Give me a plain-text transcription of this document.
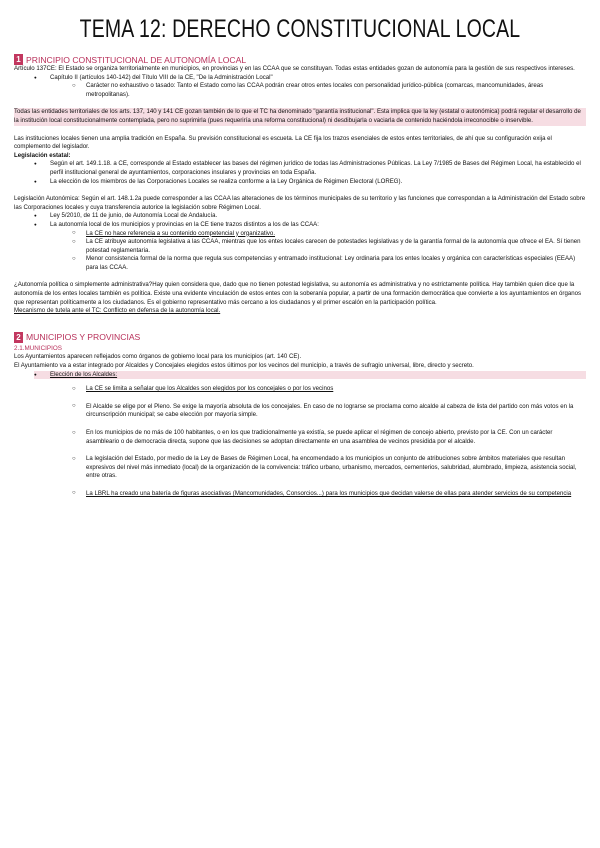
TEMA 12: DERECHO CONSTITUCIONAL LOCAL
1 PRINCIPIO CONSTITUCIONAL DE AUTONOMÍA LOCAL

Artículo 137CE: El Estado se organiza territorialmente en municipios, en provincias y en las CCAA que se constituyan. Todas estas entidades gozan de autonomía para la gestión de sus respectivos intereses.

● Capítulo II (artículos 140-142) del Título VIII de la CE, "De la Administración Local"

○ Carácter no exhaustivo o tasado: Tanto el Estado como las CCAA podrán crear otros entes locales con personalidad jurídico-pública (comarcas, mancomunidades, áreas metropolitanas).

Todas las entidades territoriales de los arts. 137, 140 y 141 CE gozan también de lo que el TC ha denominado "garantía institucional". Esta implica que la ley (estatal o autonómica) podrá regular el desarrollo de la institución local constitucionalmente contemplada, pero no suprimirla (pues requeriría una reforma constitucional) ni desdibujarla o vaciarla de contenido haciéndola irreconocible o inservible.

Las instituciones locales tienen una amplia tradición en España. Su previsión constitucional es escueta. La CE fija los trazos esenciales de estos entes territoriales, de ahí que su configuración exija el complemento del legislador.

Legislación estatal:

● Según el art. 149.1.18. a CE, corresponde al Estado establecer las bases del régimen jurídico de todas las Administraciones Públicas. La Ley 7/1985 de Bases del Régimen Local, ha establecido el perfil institucional general de ayuntamientos, corporaciones insulares y provincias en toda España.

● La elección de los miembros de las Corporaciones Locales se realiza conforme a la Ley Orgánica de Régimen Electoral (LOREG).

Legislación Autonómica: Según el art. 148.1.2a puede corresponder a las CCAA las alteraciones de los términos municipales de su territorio y las funciones que correspondan a la Administración del Estado sobre las Corporaciones locales y cuya transferencia autorice la legislación sobre Régimen Local.

● Ley 5/2010, de 11 de junio, de Autonomía Local de Andalucía.

● La autonomía local de los municipios y provincias en la CE tiene trazos distintos a los de las CCAA:

○ La CE no hace referencia a su contenido competencial y organizativo.

○ La CE atribuye autonomía legislativa a las CCAA, mientras que los entes locales carecen de potestades legislativas y de la garantía formal de la autonomía que ofrece el EA. Sí tienen potestad reglamentaria.

○ Menor consistencia formal de la norma que regula sus competencias y entramado institucional: Ley ordinaria para los entes locales y orgánica con características especiales (EEAA) para las CCAA.

¿Autonomía política o simplemente administrativa?Hay quien considera que, dado que no tienen potestad legislativa, su autonomía es administrativa y no estrictamente política. Hay también quien dice que la autonomía de los entes locales también es política. Existe una evidente vinculación de estos entes con la soberanía popular, a partir de una formación democrática que convierte a los ayuntamientos en órganos que representan políticamente a los ciudadanos. Es el gobierno representativo más cercano a los ciudadanos y el primer escalón en la participación política.

Mecanismo de tutela ante el TC: Conflicto en defensa de la autonomía local.

2 MUNICIPIOS Y PROVINCIAS

2.1.MUNICIPIOS

Los Ayuntamientos aparecen reflejados como órganos de gobierno local para los municipios (art. 140 CE).

El Ayuntamiento va a estar integrado por Alcaldes y Concejales elegidos estos últimos por los vecinos del municipio, a través de sufragio universal, libre, directo y secreto.

● Elección de los Alcaldes:

○ La CE se limita a señalar que los Alcaldes son elegidos por los concejales o por los vecinos

○ El Alcalde se elige por el Pleno. Se exige la mayoría absoluta de los concejales. En caso de no lograrse se proclama como alcalde al cabeza de lista del partido con más votos en la circunscripción municipal; se cabe elección por mayoría simple.

○ En los municipios de no más de 100 habitantes, o en los que tradicionalmente ya existía, se puede aplicar el régimen de concejo abierto, previsto por la CE. Con un carácter asambleario o de democracia directa, supone que las decisiones se adoptan directamente en una asamblea de vecinos presidida por el alcalde.

○ La legislación del Estado, por medio de la Ley de Bases de Régimen Local, ha encomendado a los municipios un conjunto de atribuciones sobre ámbitos materiales que resultan expresivos del nivel más inmediato (local) de la organización de la convivencia: tráfico urbano, urbanismo, mercados, cementerios, salubridad, alumbrado, limpieza, asistencia social, entre otras.

○ La LBRL ha creado una batería de figuras asociativas (Mancomunidades, Consorcios...) para los municipios que decidan valerse de ellas para atender servicios de su competencia
